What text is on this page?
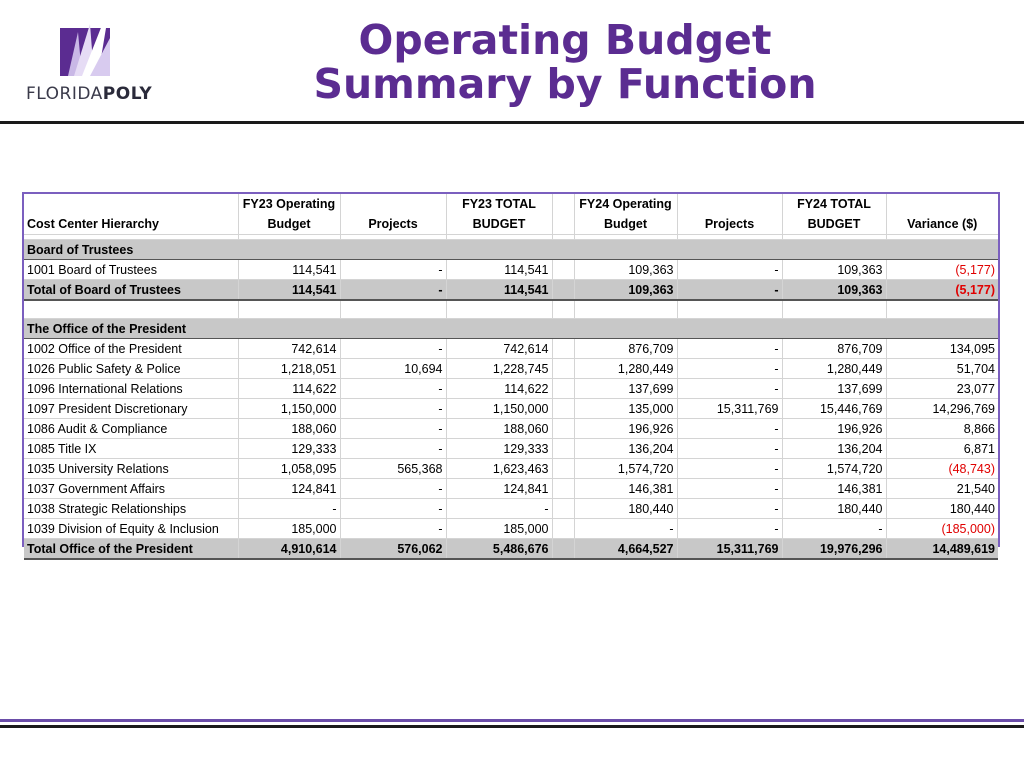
FLORIDAPOLY
Operating Budget
Summary by Function
	FY23 Operating		FY23 TOTAL		FY24 Operating		FY24 TOTAL	
Cost Center Hierarchy	Budget	Projects	BUDGET		Budget	Projects	BUDGET	Variance ($)

Board of Trustees								
1001 Board of Trustees	114,541	-	114,541		109,363	-	109,363	(5,177)
Total of Board of Trustees	114,541	-	114,541		109,363	-	109,363	(5,177)

The Office of the President								
1002 Office of the President	742,614	-	742,614		876,709	-	876,709	134,095
1026 Public Safety & Police	1,218,051	10,694	1,228,745		1,280,449	-	1,280,449	51,704
1096 International Relations	114,622	-	114,622		137,699	-	137,699	23,077
1097 President Discretionary	1,150,000	-	1,150,000		135,000	15,311,769	15,446,769	14,296,769
1086 Audit & Compliance	188,060	-	188,060		196,926	-	196,926	8,866
1085 Title IX	129,333	-	129,333		136,204	-	136,204	6,871
1035 University Relations	1,058,095	565,368	1,623,463		1,574,720	-	1,574,720	(48,743)
1037 Government Affairs	124,841	-	124,841		146,381	-	146,381	21,540
1038 Strategic Relationships	-	-	-		180,440	-	180,440	180,440
1039 Division of Equity & Inclusion	185,000	-	185,000		-	-	-	(185,000)
Total Office of the President	4,910,614	576,062	5,486,676		4,664,527	15,311,769	19,976,296	14,489,619
